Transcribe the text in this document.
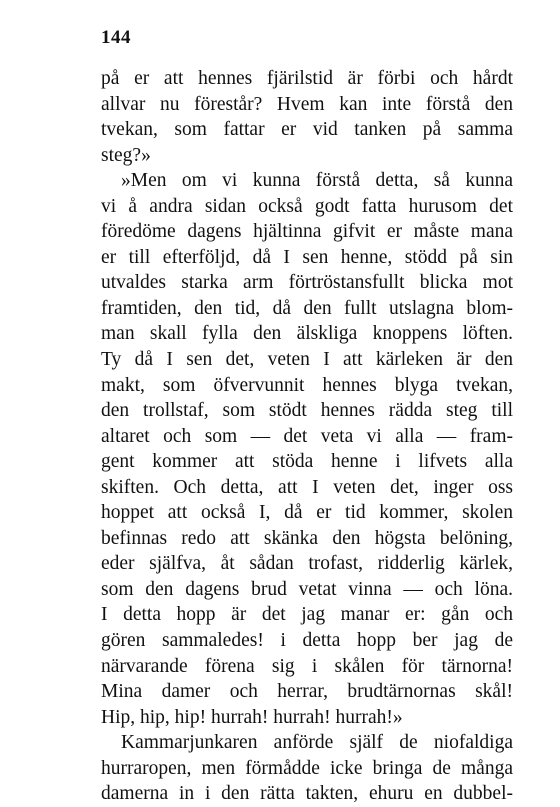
144
på er att hennes fjärilstid är förbi och hårdt
allvar nu förestår? Hvem kan inte förstå den
tvekan, som fattar er vid tanken på samma
steg?»
»Men om vi kunna förstå detta, så kunna
vi å andra sidan också godt fatta hurusom det
föredöme dagens hjältinna gifvit er måste mana
er till efterföljd, då I sen henne, stödd på sin
utvaldes starka arm förtröstansfullt blicka mot
framtiden, den tid, då den fullt utslagna blom-
man skall fylla den älskliga knoppens löften.
Ty då I sen det, veten I att kärleken är den
makt, som öfvervunnit hennes blyga tvekan,
den trollstaf, som stödt hennes rädda steg till
altaret och som — det veta vi alla — fram-
gent kommer att stöda henne i lifvets alla
skiften. Och detta, att I veten det, inger oss
hoppet att också I, då er tid kommer, skolen
befinnas redo att skänka den högsta belöning,
eder själfva, åt sådan trofast, ridderlig kärlek,
som den dagens brud vetat vinna — och löna.
I detta hopp är det jag manar er: gån och
gören sammaledes! i detta hopp ber jag de
närvarande förena sig i skålen för tärnorna!
Mina damer och herrar, brudtärnornas skål!
Hip, hip, hip! hurrah! hurrah! hurrah!»
Kammarjunkaren anförde själf de niofaldiga
hurraropen, men förmådde icke bringa de många
damerna in i den rätta takten, ehuru en dubbel-
